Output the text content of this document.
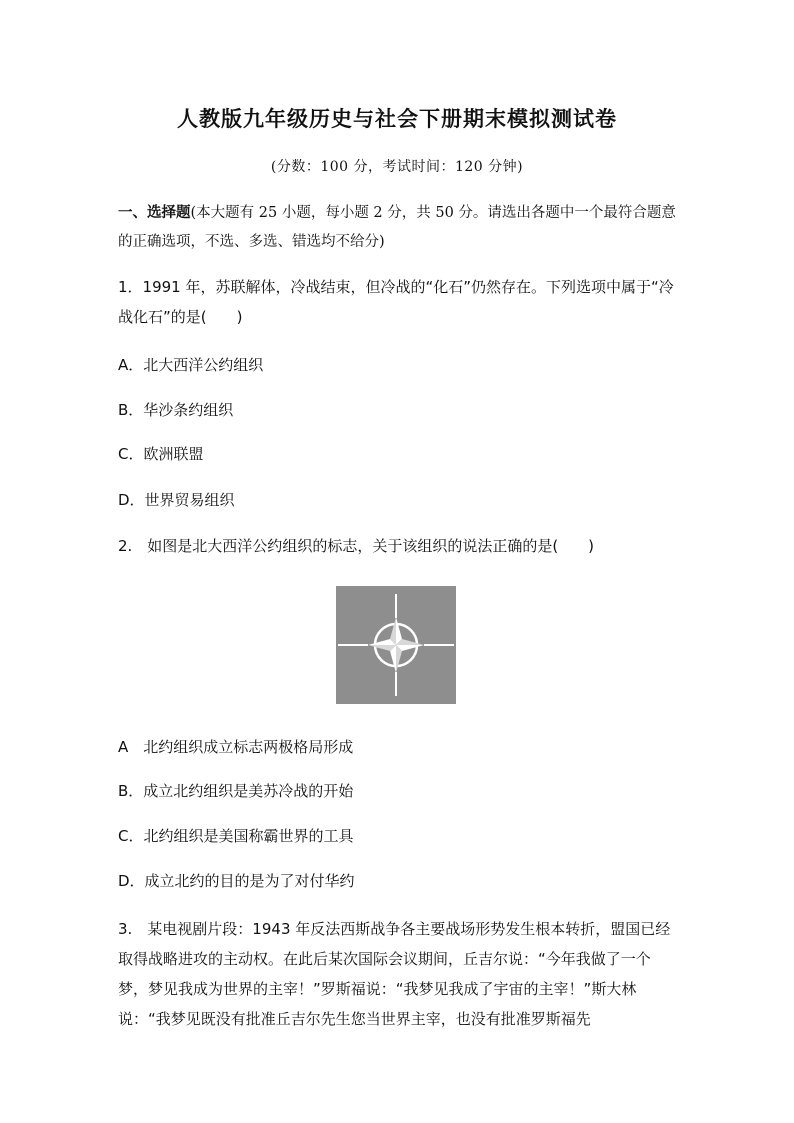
人教版九年级历史与社会下册期末模拟测试卷
(分数：100 分，考试时间：120 分钟)
一、选择题(本大题有 25 小题，每小题 2 分，共 50 分。请选出各题中一个最符合题意的正确选项，不选、多选、错选均不给分)
1．1991 年，苏联解体，冷战结束，但冷战的“化石”仍然存在。下列选项中属于“冷战化石”的是(　　)
A．北大西洋公约组织
B．华沙条约组织
C．欧洲联盟
D．世界贸易组织
2.　如图是北大西洋公约组织的标志，关于该组织的说法正确的是(　　)
A　北约组织成立标志两极格局形成
B．成立北约组织是美苏冷战的开始
C．北约组织是美国称霸世界的工具
D．成立北约的目的是为了对付华约
3.　某电视剧片段：1943 年反法西斯战争各主要战场形势发生根本转折，盟国已经取得战略进攻的主动权。在此后某次国际会议期间，丘吉尔说：“今年我做了一个梦，梦见我成为世界的主宰！”罗斯福说：“我梦见我成了宇宙的主宰！”斯大林说：“我梦见既没有批准丘吉尔先生您当世界主宰，也没有批准罗斯福先
